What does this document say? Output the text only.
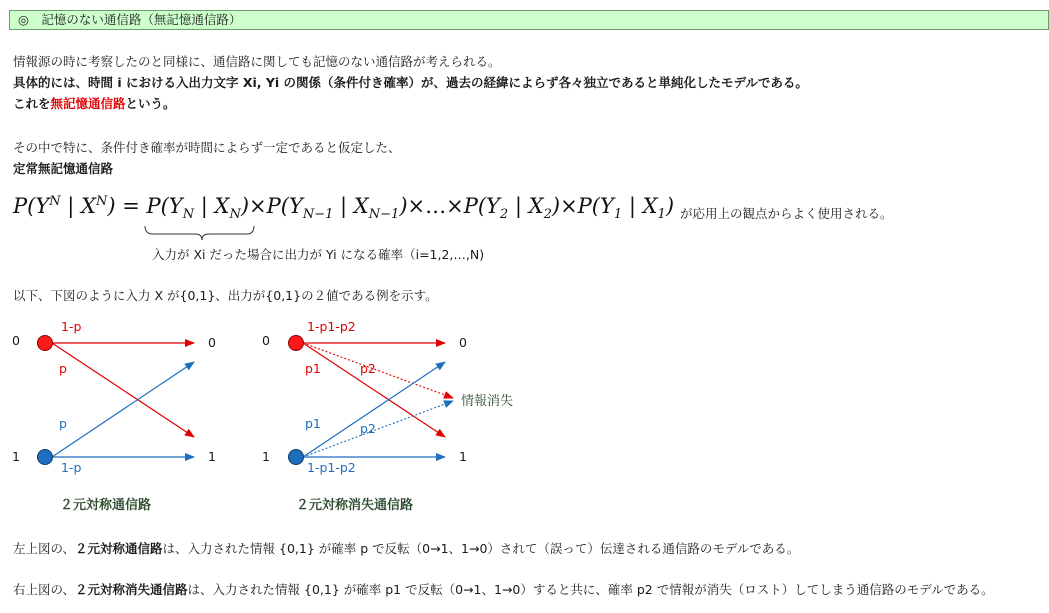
◎　記憶のない通信路（無記憶通信路）
情報源の時に考察したのと同様に、通信路に関しても記憶のない通信路が考えられる。
具体的には、時間 i における入出力文字 Xi, Yi の関係（条件付き確率）が、過去の経緯によらず各々独立であると単純化したモデルである。
これを無記憶通信路という。
その中で特に、条件付き確率が時間によらず一定であると仮定した、
定常無記憶通信路
$P(Y^N$ | $X^N) = P(Y_N$ | $X_N)\times P(Y_{N-1}$ | $X_{N-1})\times\dots\times P(Y_2$ | $X_2)\times P(Y_1$ | $X_1$) が応用上の観点からよく使用される。
入力が Xi だった場合に出力が Yi になる確率（i=1,2,…,N)
以下、下図のように入力 X が{0,1}、出力が{0,1}の２値である例を示す。
0
1
0
1
1-p
p
p
1-p
２元対称通信路
0
1
0
1
1-p1-p2
p1	p2
p1	p2
1-p1-p2
情報消失
２元対称消失通信路
左上図の、２元対称通信路は、入力された情報 {0,1} が確率 p で反転（0→1、1→0）されて（誤って）伝達される通信路のモデルである。
右上図の、２元対称消失通信路は、入力された情報 {0,1} が確率 p1 で反転（0→1、1→0）すると共に、確率 p2 で情報が消失（ロスト）してしまう通信路のモデルである。
